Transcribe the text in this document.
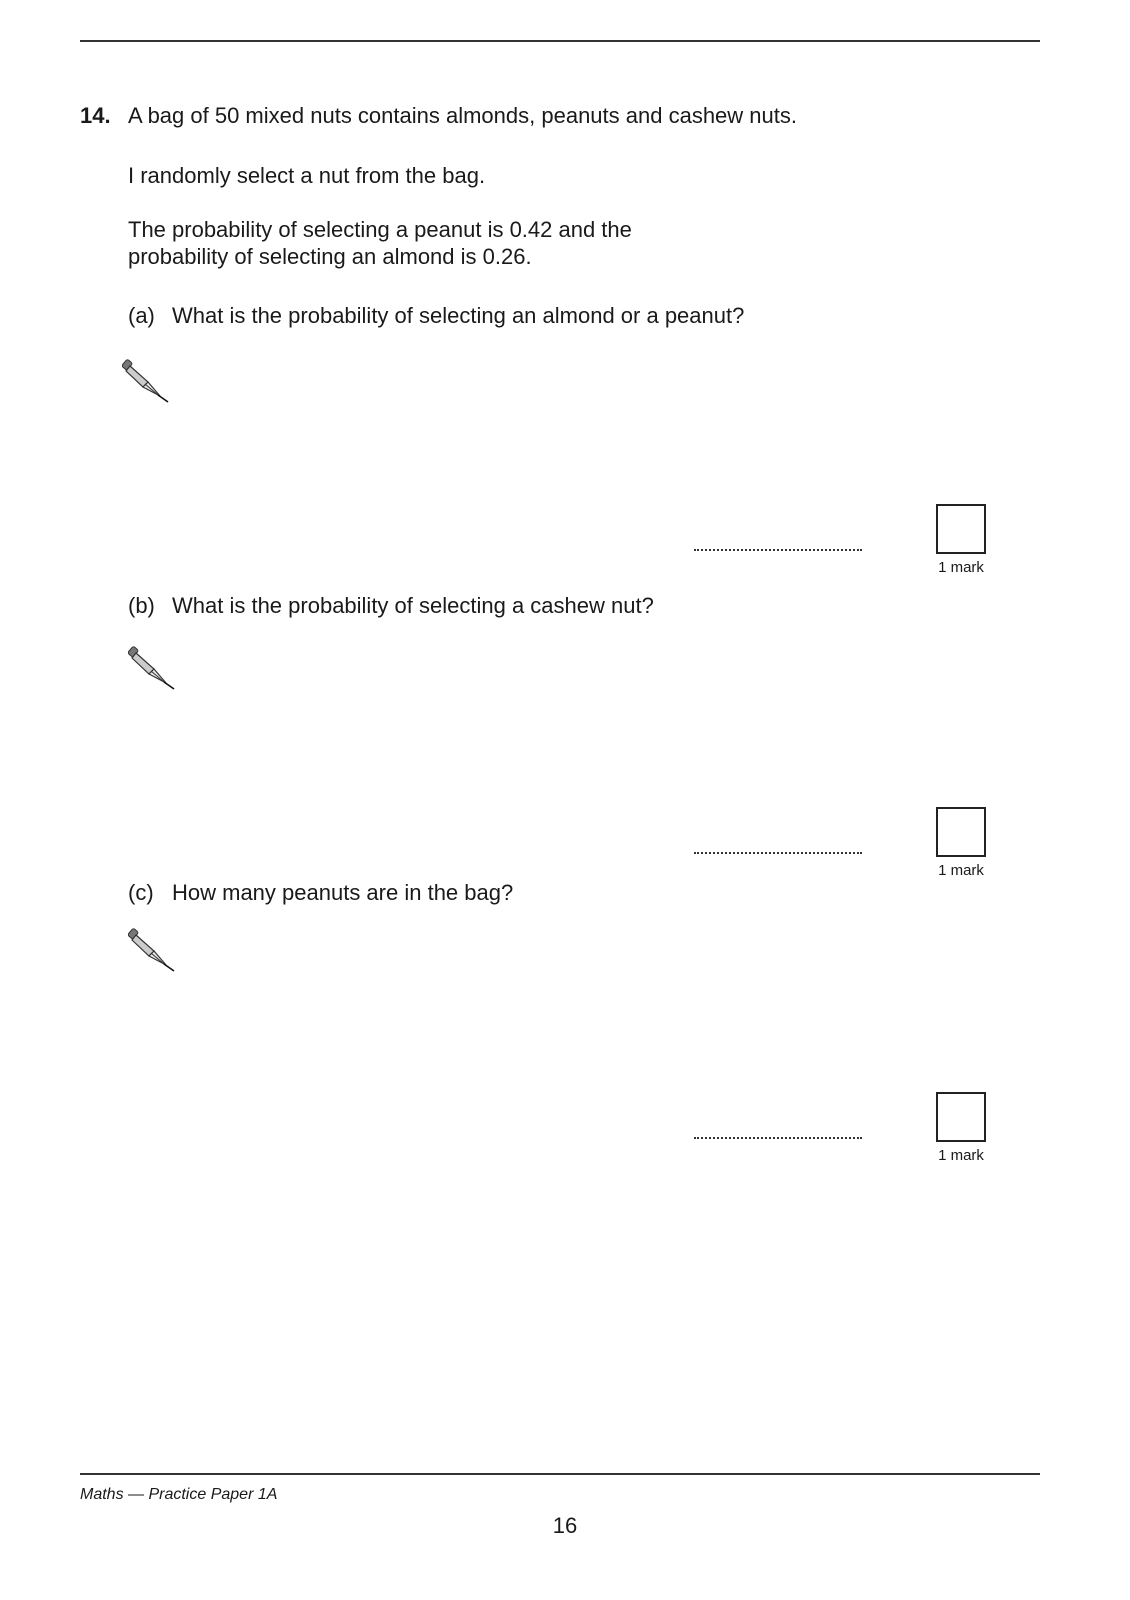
14. A bag of 50 mixed nuts contains almonds, peanuts and cashew nuts.
I randomly select a nut from the bag.
The probability of selecting a peanut is 0.42 and the
probability of selecting an almond is 0.26.
(a) What is the probability of selecting an almond or a peanut?
1 mark
(b) What is the probability of selecting a cashew nut?
1 mark
(c) How many peanuts are in the bag?
1 mark
Maths — Practice Paper 1A
16
